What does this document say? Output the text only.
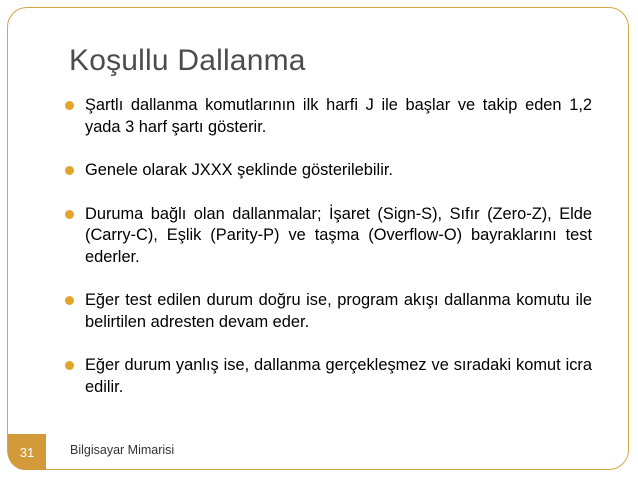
Koşullu Dallanma
Şartlı dallanma komutlarının ilk harfi J ile başlar ve takip eden 1,2 yada 3 harf şartı gösterir.
Genele olarak JXXX şeklinde gösterilebilir.
Duruma bağlı olan dallanmalar; İşaret (Sign-S), Sıfır (Zero-Z), Elde (Carry-C), Eşlik (Parity-P) ve taşma (Overflow-O) bayraklarını test ederler.
Eğer test edilen durum doğru ise, program akışı dallanma komutu ile belirtilen adresten devam eder.
Eğer durum yanlış ise, dallanma gerçekleşmez ve sıradaki komut icra edilir.
31	Bilgisayar Mimarisi
